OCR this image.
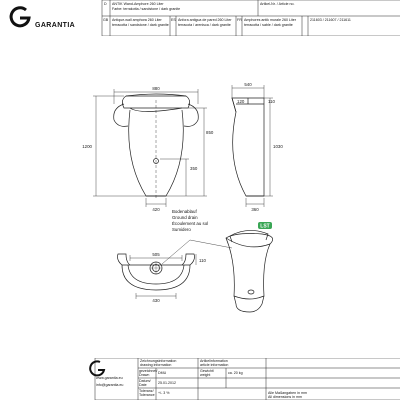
GARANTIA
D ANTIK Wand-Amphore 260 Liter
Farbe: terrakotta / sandstone / dark granite
Artikel-Nr. / Article no.
GB Antique-wall amphora 260 Liter
terracotta / sandstone / dark granite
ES Ánfora antigua de pared 260 Liter
terracota / arenisca / dark granite
FR Amphores antik murale 260 Liter
terracotta / sable / dark granite
211603 / 211607 / 211611
LST
880
1200
850
350
420
540
120	110
1030
360
505
430
110
Bodenablauf
Ground drain
Écoulement au sol
Sumidero
www.garantia.eu
info@garantia.eu
Zeichnungsinformation
drawing information
Artikelinformation
article information
gezeichnet/
Drawn	DMU
Datum/
Date	25.01.2012
Toleranz/
Tolerance +/- 3 %
Gewicht/
weight	ca. 20 kg
Alle Maßangaben in mm
All dimensions in mm
